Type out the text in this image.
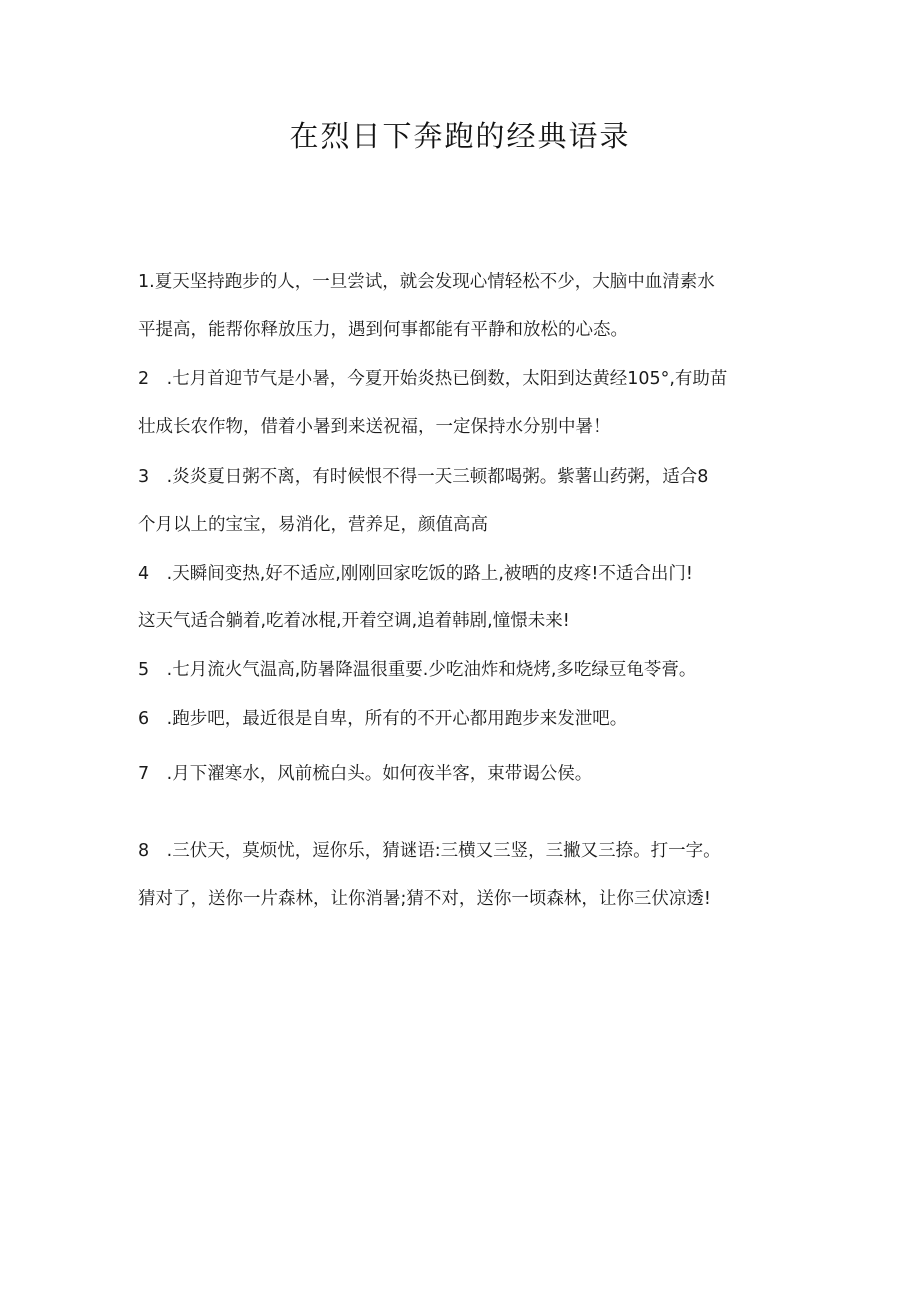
在烈日下奔跑的经典语录
1.夏天坚持跑步的人，一旦尝试，就会发现心情轻松不少，大脑中血清素水
平提高，能帮你释放压力，遇到何事都能有平静和放松的心态。
2　.七月首迎节气是小暑，今夏开始炎热已倒数，太阳到达黄经105°,有助苗
壮成长农作物，借着小暑到来送祝福，一定保持水分别中暑！
3　.炎炎夏日粥不离，有时候恨不得一天三顿都喝粥。紫薯山药粥，适合8
个月以上的宝宝，易消化，营养足，颜值高高
4　.天瞬间变热,好不适应,刚刚回家吃饭的路上,被晒的皮疼!不适合出门!
这天气适合躺着,吃着冰棍,开着空调,追着韩剧,憧憬未来!
5　.七月流火气温高,防暑降温很重要.少吃油炸和烧烤,多吃绿豆龟苓膏。
6　.跑步吧，最近很是自卑，所有的不开心都用跑步来发泄吧。
7　.月下濯寒水，风前梳白头。如何夜半客，束带谒公侯。
8　.三伏天，莫烦忧，逗你乐，猜谜语:三横又三竖，三撇又三捺。打一字。
猜对了，送你一片森林，让你消暑;猜不对，送你一顷森林，让你三伏凉透!
